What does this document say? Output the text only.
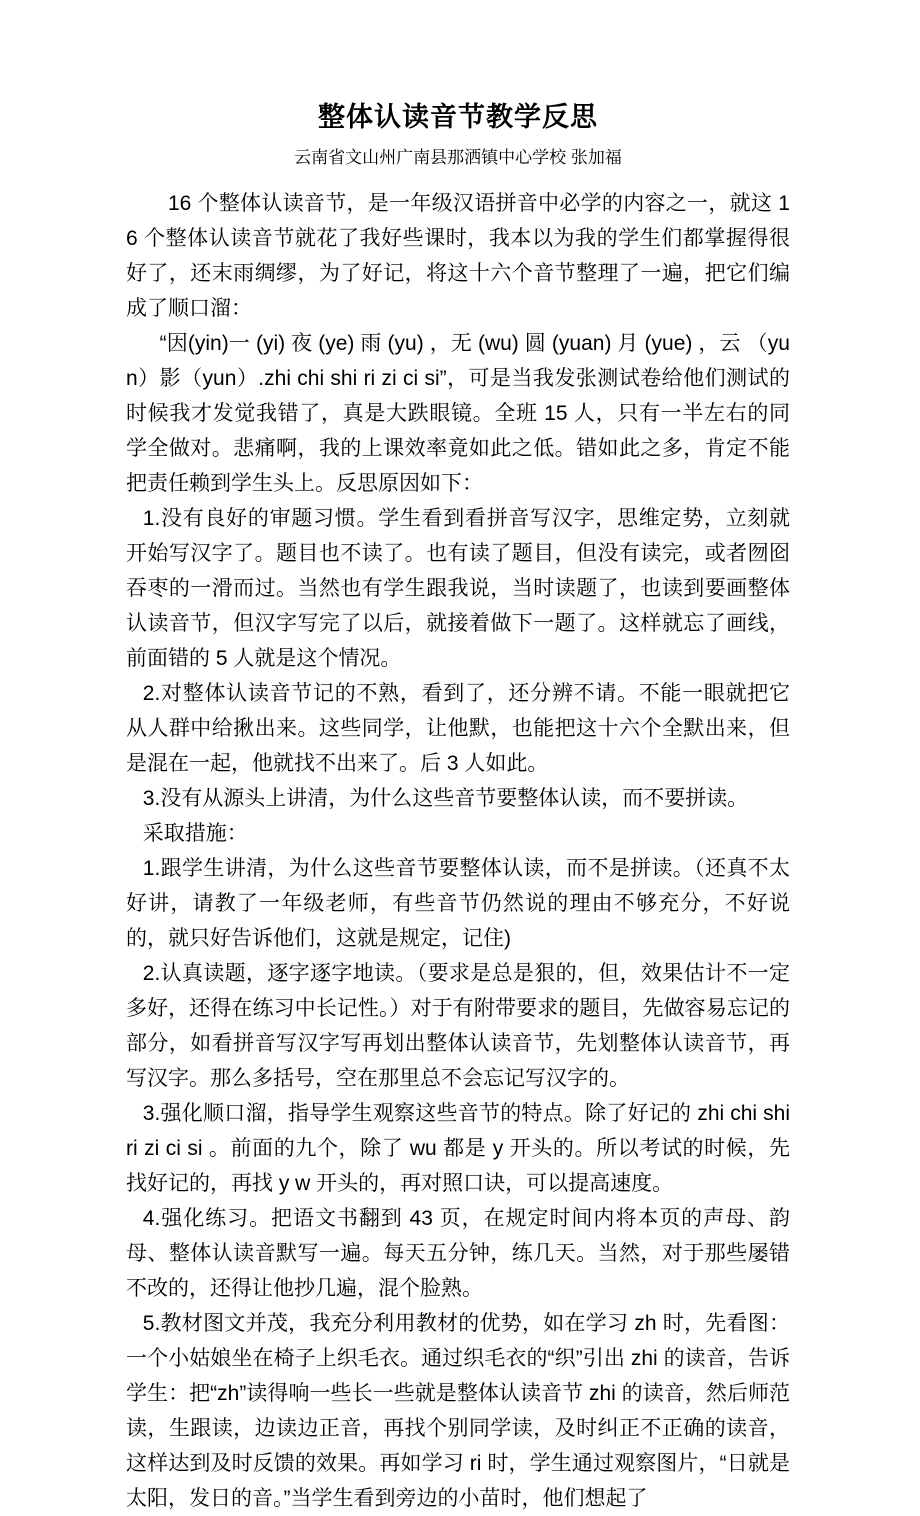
整体认读音节教学反思
云南省文山州广南县那洒镇中心学校 张加福

16 个整体认读音节，是一年级汉语拼音中必学的内容之一，就这 16 个整体认读音节就花了我好些课时，我本以为我的学生们都掌握得很好了，还末雨绸缪，为了好记，将这十六个音节整理了一遍，把它们编成了顺口溜：

“因(yin)一 (yi) 夜 (ye) 雨 (yu) ，无 (wu) 圆 (yuan) 月 (yue) ，云 （yun）影（yun）.zhi chi shi ri zi ci si”，可是当我发张测试卷给他们测试的时候我才发觉我错了，真是大跌眼镜。全班 15 人，只有一半左右的同学全做对。悲痛啊，我的上课效率竟如此之低。错如此之多，肯定不能把责任赖到学生头上。反思原因如下：

1.没有良好的审题习惯。学生看到看拼音写汉字，思维定势，立刻就开始写汉字了。题目也不读了。也有读了题目，但没有读完，或者囫囵吞枣的一滑而过。当然也有学生跟我说，当时读题了，也读到要画整体认读音节，但汉字写完了以后，就接着做下一题了。这样就忘了画线，前面错的 5 人就是这个情况。

2.对整体认读音节记的不熟，看到了，还分辨不请。不能一眼就把它从人群中给揪出来。这些同学，让他默，也能把这十六个全默出来，但是混在一起，他就找不出来了。后 3 人如此。

3.没有从源头上讲清，为什么这些音节要整体认读，而不要拼读。

采取措施：

1.跟学生讲清，为什么这些音节要整体认读，而不是拼读。（还真不太好讲，请教了一年级老师，有些音节仍然说的理由不够充分，不好说的，就只好告诉他们，这就是规定，记住)

2.认真读题，逐字逐字地读。（要求是总是狠的，但，效果估计不一定多好，还得在练习中长记性。）对于有附带要求的题目，先做容易忘记的部分，如看拼音写汉字写再划出整体认读音节，先划整体认读音节，再写汉字。那么多括号，空在那里总不会忘记写汉字的。

3.强化顺口溜，指导学生观察这些音节的特点。除了好记的 zhi chi shi ri zi ci si 。前面的九个，除了 wu 都是 y 开头的。所以考试的时候，先找好记的，再找 y w 开头的，再对照口诀，可以提高速度。

4.强化练习。把语文书翻到 43 页，在规定时间内将本页的声母、韵母、整体认读音默写一遍。每天五分钟，练几天。当然，对于那些屡错不改的，还得让他抄几遍，混个脸熟。

5.教材图文并茂，我充分利用教材的优势，如在学习 zh 时，先看图：一个小姑娘坐在椅子上织毛衣。通过织毛衣的“织”引出 zhi 的读音，告诉学生：把“zh”读得响一些长一些就是整体认读音节 zhi 的读音，然后师范读，生跟读，边读边正音，再找个别同学读，及时纠正不正确的读音，这样达到及时反馈的效果。再如学习 ri 时，学生通过观察图片，“日就是太阳，发日的音。”当学生看到旁边的小苗时，他们想起了
